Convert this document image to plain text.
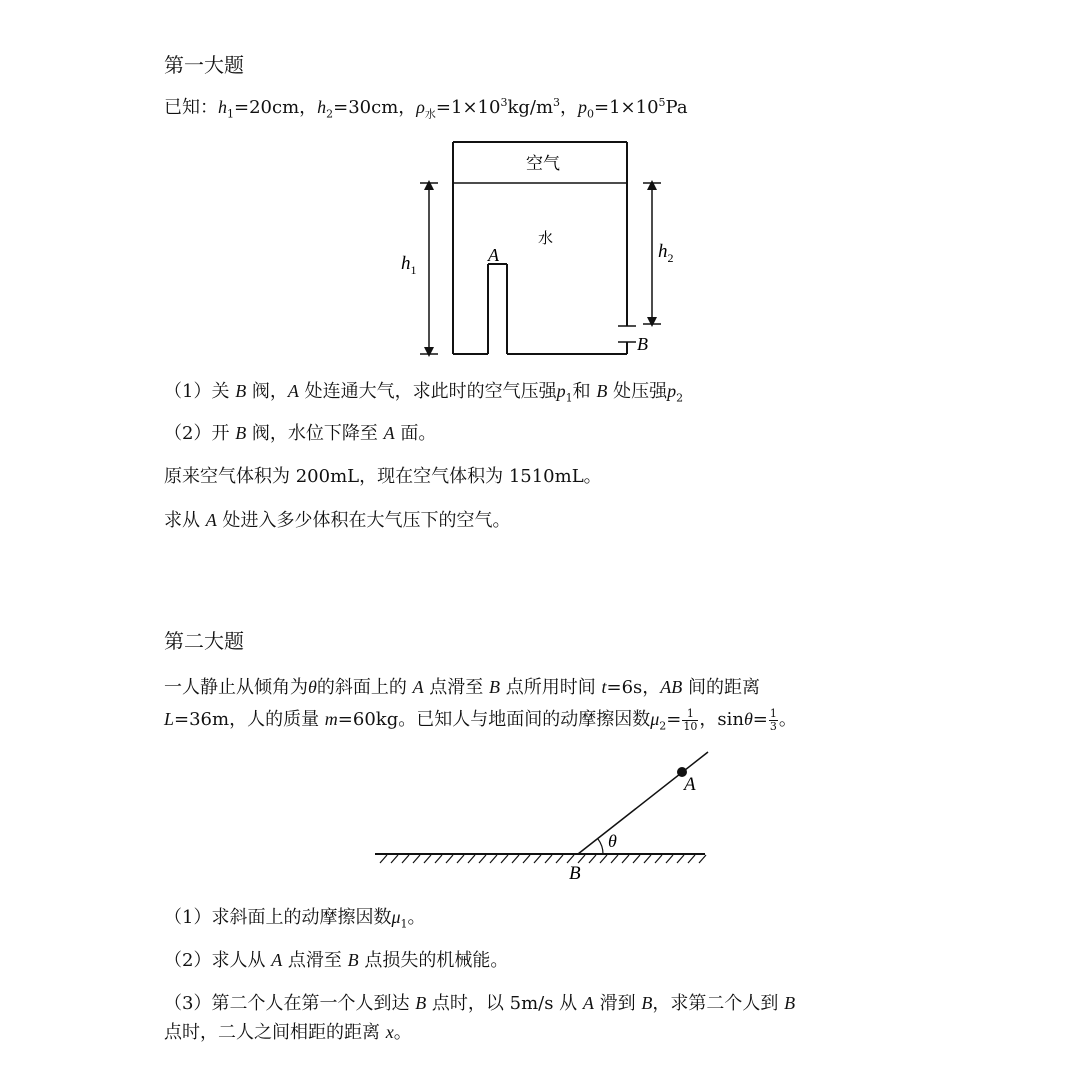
第一大题
已知：$h_1=20cm$，$h_2=30cm$，$\rho_水=1\times 10^3kg/m^3$，$p_0=1\times 10^5Pa$
空气
水
$h_1$
$h_2$
A
B
（1）关 B 阀，A 处连通大气，求此时的空气压强$p_1$和 B 处压强$p_2$
（2）开 B 阀，水位下降至 A 面。
原来空气体积为 200mL，现在空气体积为 1510mL。
求从 A 处进入多少体积在大气压下的空气。
第二大题
一人静止从倾角为θ的斜面上的 A 点滑至 B 点所用时间 t=6s，AB 间的距离
L=36m，人的质量 m=60kg。已知人与地面间的动摩擦因数$\mu_2= \frac{1}{10}$ ，$\sin\theta= \frac{1}{3}$ 。
θ
A
B
（1）求斜面上的动摩擦因数$\mu_1$。
（2）求人从 A 点滑至 B 点损失的机械能。
（3）第二个人在第一个人到达 B 点时，以 5m/s 从 A 滑到 B，求第二个人到 B
点时，二人之间相距的距离 x。
